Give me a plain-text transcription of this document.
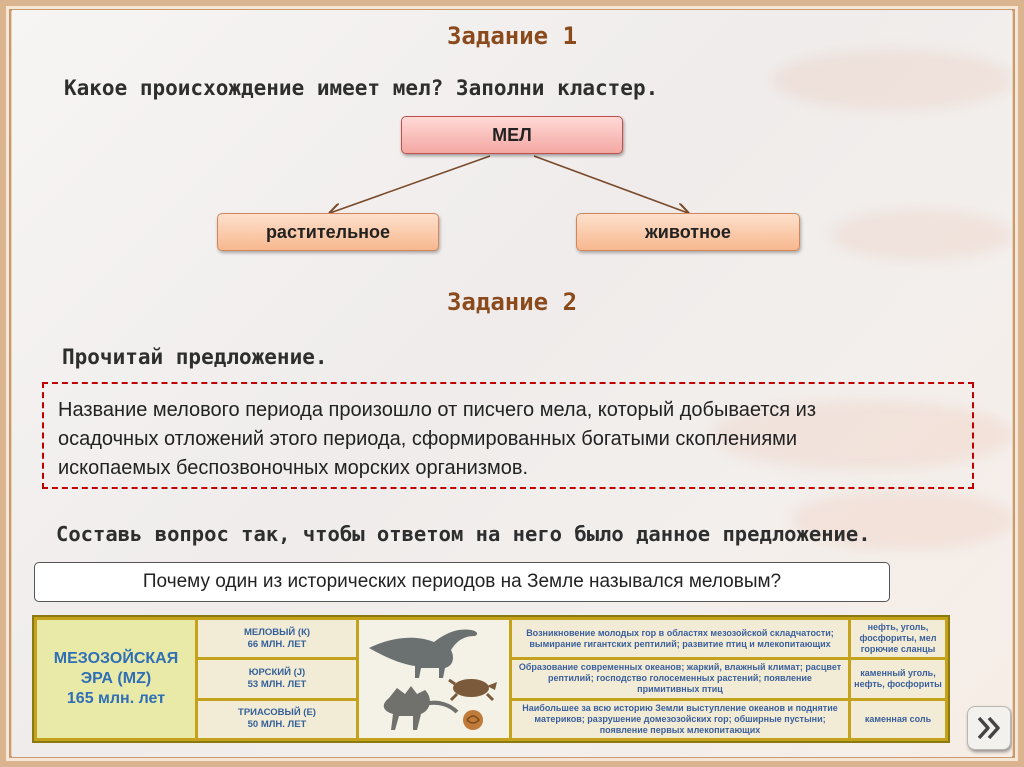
Задание 1
Какое происхождение имеет мел? Заполни кластер.
МЕЛ
растительное	животное
Задание 2
Прочитай предложение.
Название мелового периода произошло от писчего мела, который добывается из
осадочных отложений этого периода, сформированных богатыми скоплениями
ископаемых беспозвоночных морских организмов.
Составь вопрос так, чтобы ответом на него было данное предложение.
Почему один из исторических периодов на Земле назывался меловым?
МЕЗОЗОЙСКАЯ
ЭРА (MZ)
165 млн. лет
МЕЛОВЫЙ (К)
66 МЛН. ЛЕТ
ЮРСКИЙ (J)
53 МЛН. ЛЕТ
ТРИАСОВЫЙ (Е)
50 МЛН. ЛЕТ
Возникновение молодых гор в областях мезозойской складчатости; вымирание гигантских рептилий; развитие птиц и млекопитающих
Образование современных океанов; жаркий, влажный климат; расцвет рептилий; господство голосеменных растений; появление примитивных птиц
Наибольшее за всю историю Земли выступление океанов и поднятие материков; разрушение домезозойских гор; обширные пустыни; появление первых млекопитающих
нефть, уголь, фосфориты, мел горючие сланцы
каменный уголь, нефть, фосфориты
каменная соль
